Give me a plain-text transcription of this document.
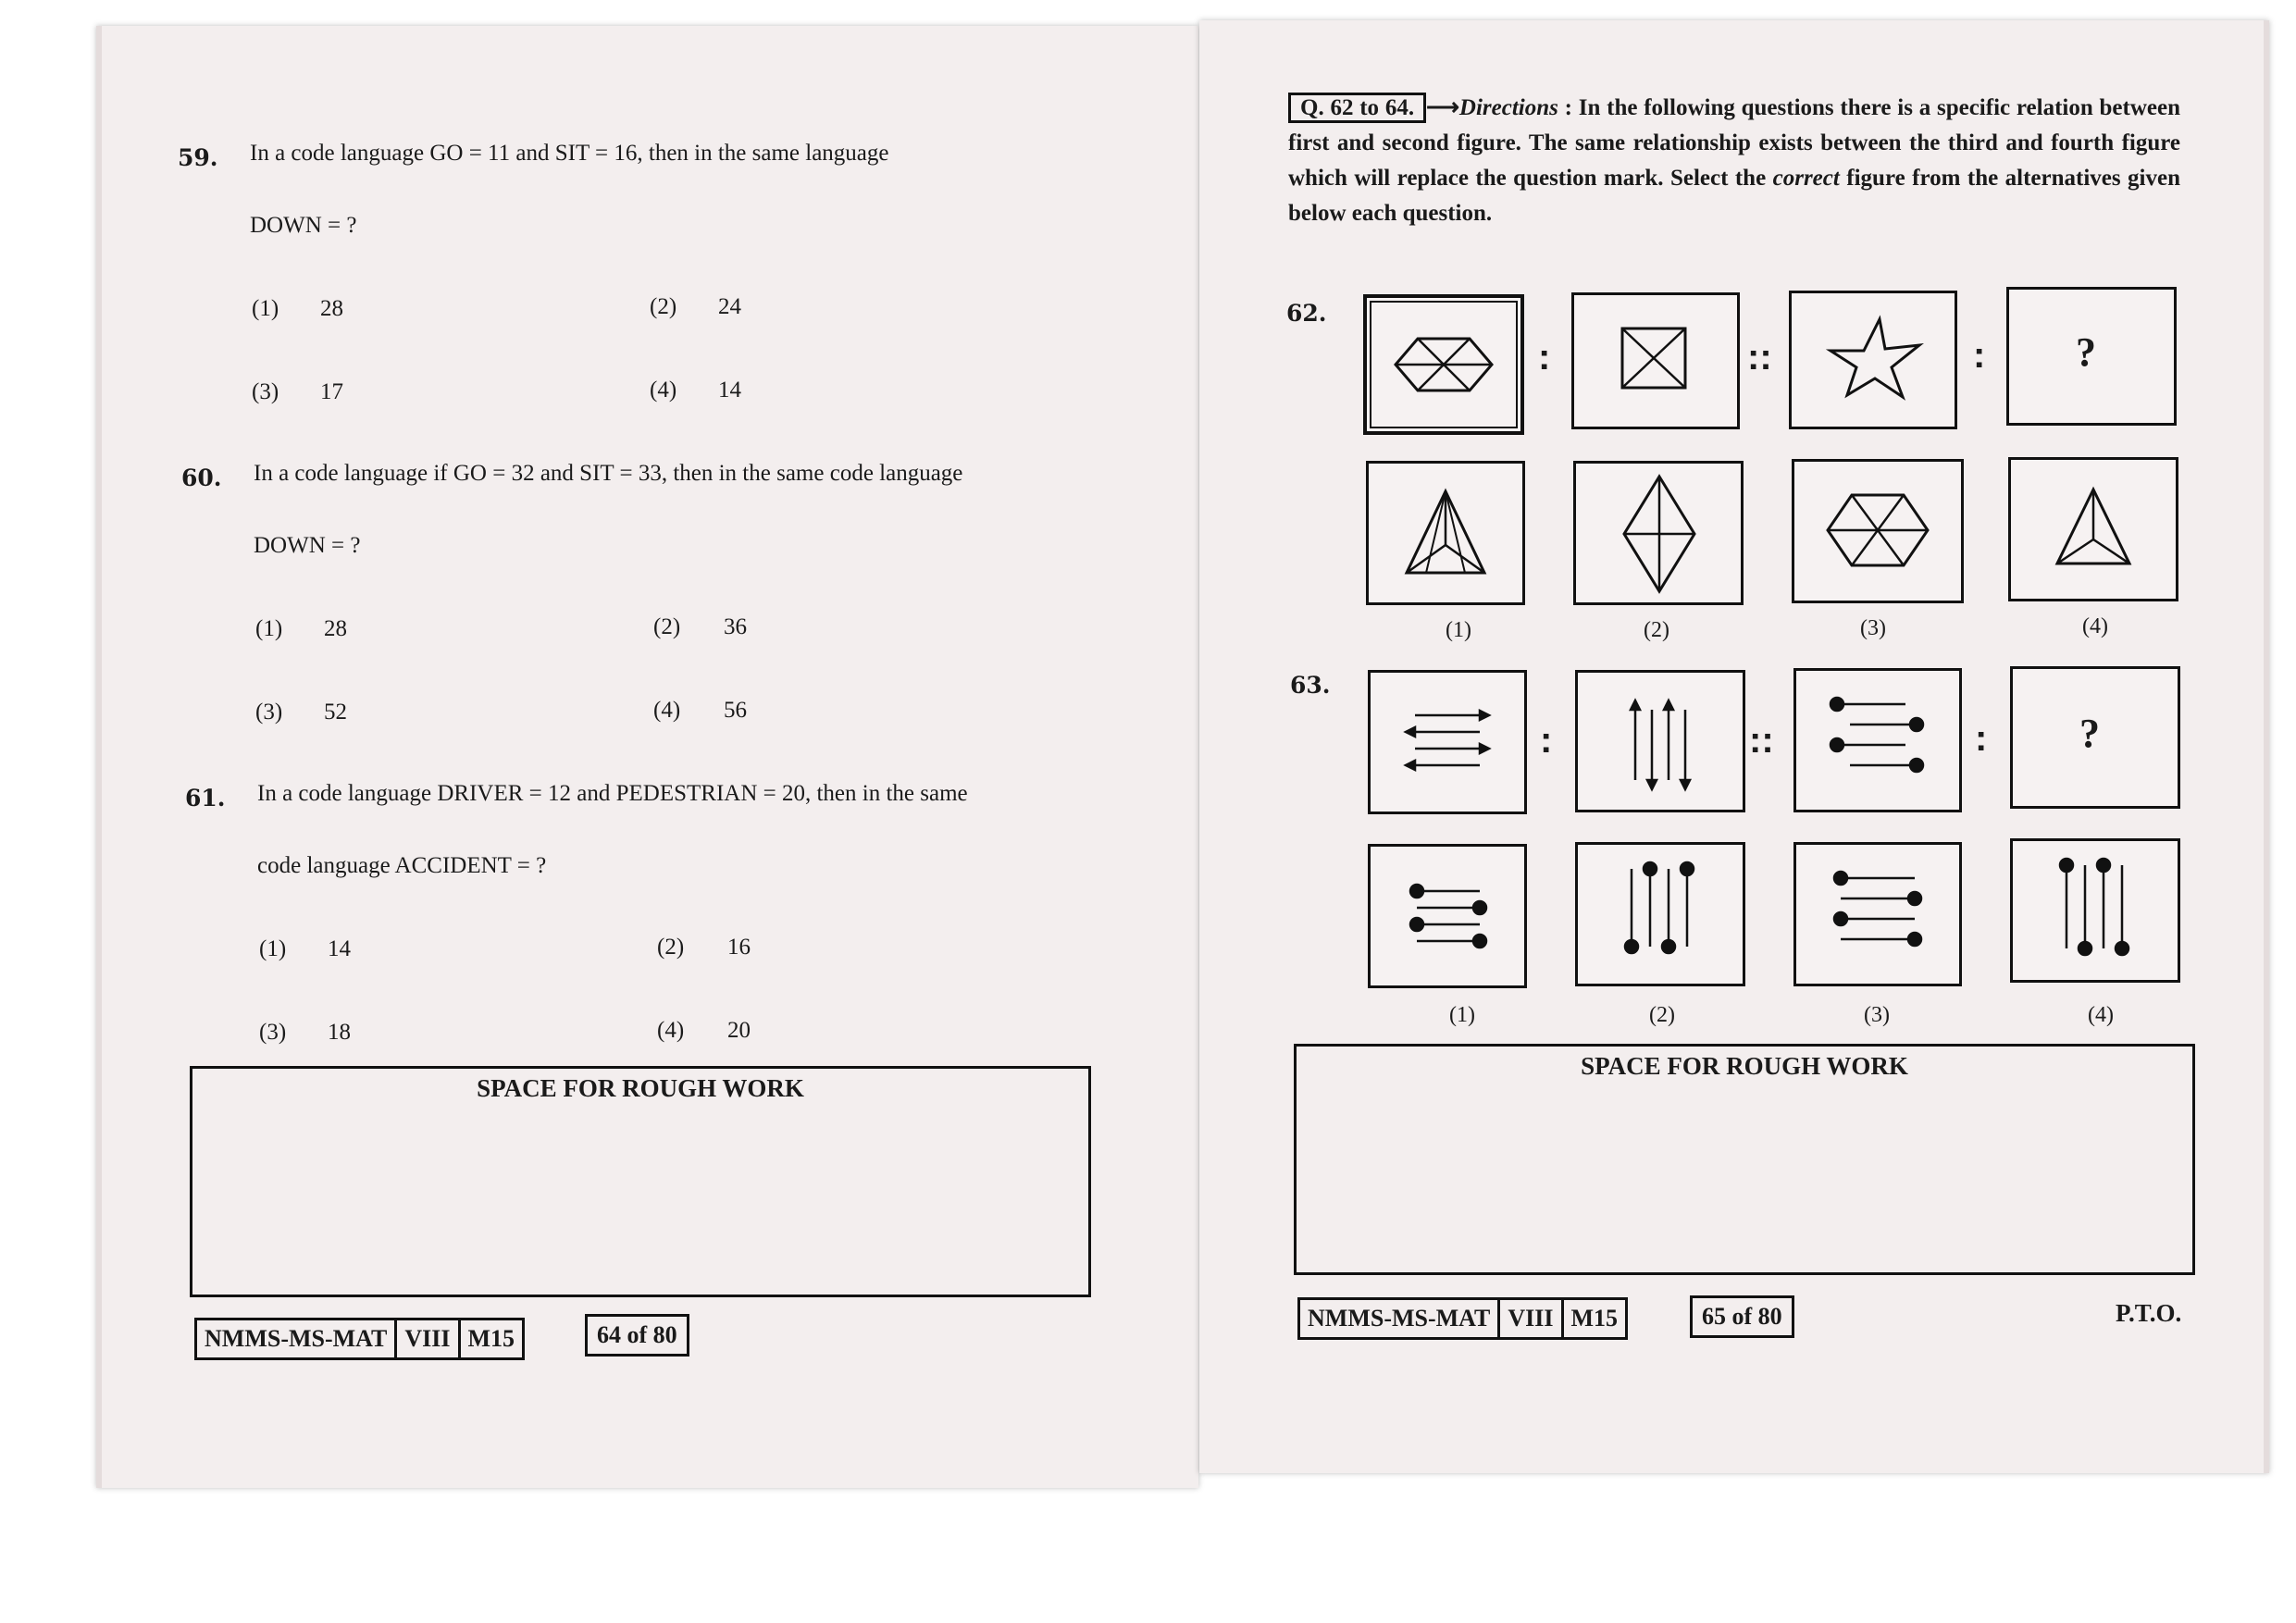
59. In a code language GO = 11 and SIT = 16, then in the same language
DOWN = ?
(1) 28	(2) 24
(3) 17	(4) 14
60. In a code language if GO = 32 and SIT = 33, then in the same code language
DOWN = ?
(1) 28	(2) 36
(3) 52	(4) 56
61. In a code language DRIVER = 12 and PEDESTRIAN = 20, then in the same
code language ACCIDENT = ?
(1) 14	(2) 16
(3) 18	(4) 20
SPACE FOR ROUGH WORK
NMMS-MS-MAT VIII M15	64 of 80
Q. 62 to 64. ⟶Directions : In the following questions there is a specific relation between first and second figure. The same relationship exists between the third and fourth figure which will replace the question mark. Select the correct figure from the alternatives given below each question.
62.
:	::	: ?
(1)	(2)	(3)	(4)
63.
:	::	: ?
(1)	(2)	(3)	(4)
SPACE FOR ROUGH WORK
NMMS-MS-MAT VIII M15	65 of 80	P.T.O.
